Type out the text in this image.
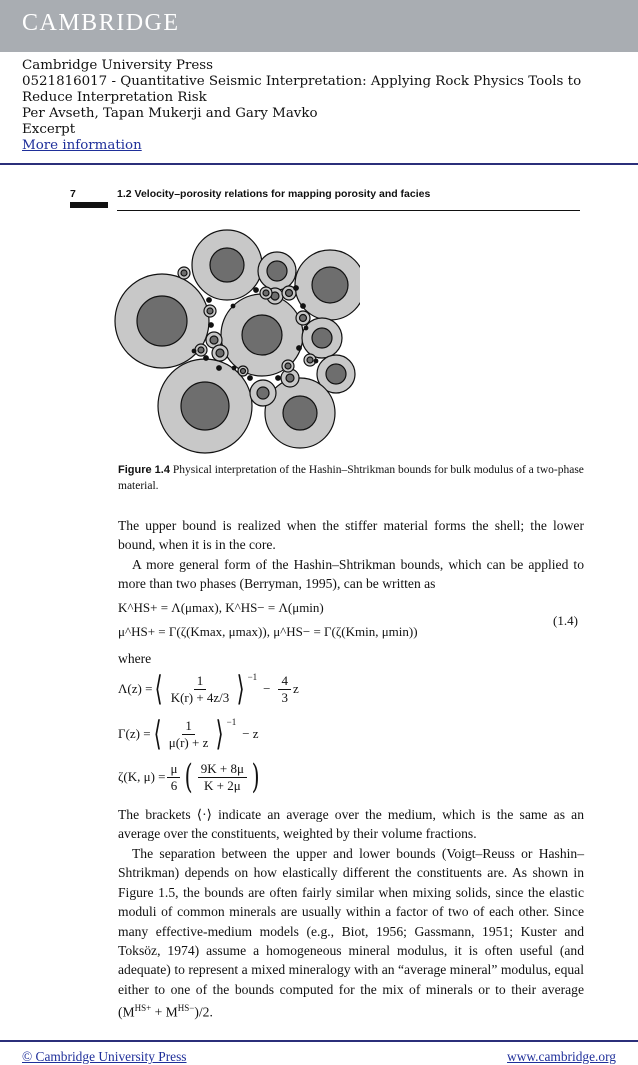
CAMBRIDGE
Cambridge University Press
0521816017 - Quantitative Seismic Interpretation: Applying Rock Physics Tools to Reduce Interpretation Risk
Per Avseth, Tapan Mukerji and Gary Mavko
Excerpt
More information
7	1.2 Velocity–porosity relations for mapping porosity and facies
Figure 1.4 Physical interpretation of the Hashin–Shtrikman bounds for bulk modulus of a two-phase material.
The upper bound is realized when the stiffer material forms the shell; the lower bound, when it is in the core.
A more general form of the Hashin–Shtrikman bounds, which can be applied to more than two phases (Berryman, 1995), can be written as
K^HS+ = Λ(μmax), K^HS− = Λ(μmin)
μ^HS+ = Γ(ζ(Kmax, μmax)), μ^HS− = Γ(ζ(Kmin, μmin))
(1.4)
where
Λ(z) = ⟨ $\frac{1}{K(r) + 4z/3}$ ⟩ −1
− $\frac{4}{3}$ z
Γ(z) = ⟨ $\frac{1}{\mu(r) + z}$ ⟩ −1
− z
ζ(K, $\mu) = \frac{\mu}{6}$ ( $\frac{9K + 8\mu}{K + 2\mu}$ )
The brackets ⟨·⟩ indicate an average over the medium, which is the same as an average over the constituents, weighted by their volume fractions.
The separation between the upper and lower bounds (Voigt–Reuss or Hashin–Shtrikman) depends on how elastically different the constituents are. As shown in Figure 1.5, the bounds are often fairly similar when mixing solids, since the elastic moduli of common minerals are usually within a factor of two of each other. Since many effective-medium models (e.g., Biot, 1956; Gassmann, 1951; Kuster and Toksöz, 1974) assume a homogeneous mineral modulus, it is often useful (and adequate) to represent a mixed mineralogy with an “average mineral” modulus, equal either to one of the bounds computed for the mix of minerals or to their average $(M^{HS+} + M^{HS-})/2$.
© Cambridge University Press	www.cambridge.org
